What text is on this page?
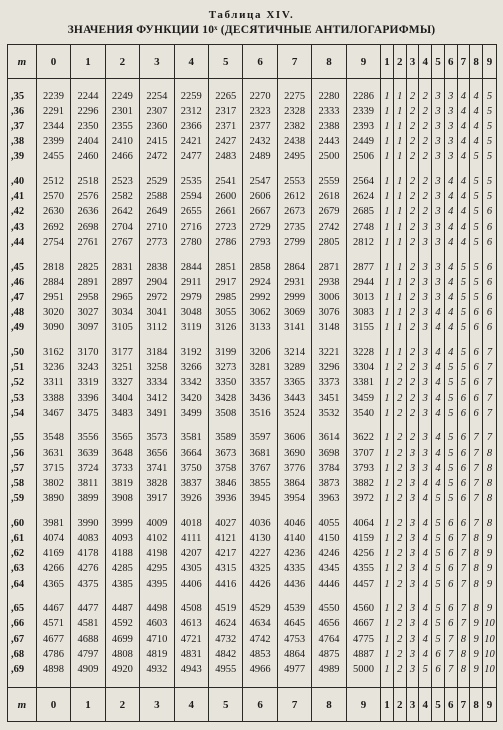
Таблица XIV.
ЗНАЧЕНИЯ ФУНКЦИИ 10ˣ (ДЕСЯТИЧНЫЕ АНТИЛОГАРИФМЫ)
m	0	1	2	3	4	5	6	7	8	9	1	2	3	4	5	6	7	8	9

,35	2239	2244	2249	2254	2259	2265	2270	2275	2280	2286	1	1	2	2	3	3	4	4	5
,36	2291	2296	2301	2307	2312	2317	2323	2328	2333	2339	1	1	2	2	3	3	4	4	5
,37	2344	2350	2355	2360	2366	2371	2377	2382	2388	2393	1	1	2	2	3	3	4	4	5
,38	2399	2404	2410	2415	2421	2427	2432	2438	2443	2449	1	1	2	2	3	3	4	4	5
,39	2455	2460	2466	2472	2477	2483	2489	2495	2500	2506	1	1	2	2	3	3	4	5	5

,40	2512	2518	2523	2529	2535	2541	2547	2553	2559	2564	1	1	2	2	3	4	4	5	5
,41	2570	2576	2582	2588	2594	2600	2606	2612	2618	2624	1	1	2	2	3	4	4	5	5
,42	2630	2636	2642	2649	2655	2661	2667	2673	2679	2685	1	1	2	2	3	4	4	5	6
,43	2692	2698	2704	2710	2716	2723	2729	2735	2742	2748	1	1	2	3	3	4	4	5	6
,44	2754	2761	2767	2773	2780	2786	2793	2799	2805	2812	1	1	2	3	3	4	4	5	6

,45	2818	2825	2831	2838	2844	2851	2858	2864	2871	2877	1	1	2	3	3	4	5	5	6
,46	2884	2891	2897	2904	2911	2917	2924	2931	2938	2944	1	1	2	3	3	4	5	5	6
,47	2951	2958	2965	2972	2979	2985	2992	2999	3006	3013	1	1	2	3	3	4	5	5	6
,48	3020	3027	3034	3041	3048	3055	3062	3069	3076	3083	1	1	2	3	4	4	5	6	6
,49	3090	3097	3105	3112	3119	3126	3133	3141	3148	3155	1	1	2	3	4	4	5	6	6

,50	3162	3170	3177	3184	3192	3199	3206	3214	3221	3228	1	1	2	3	4	4	5	6	7
,51	3236	3243	3251	3258	3266	3273	3281	3289	3296	3304	1	2	2	3	4	5	5	6	7
,52	3311	3319	3327	3334	3342	3350	3357	3365	3373	3381	1	2	2	3	4	5	5	6	7
,53	3388	3396	3404	3412	3420	3428	3436	3443	3451	3459	1	2	2	3	4	5	6	6	7
,54	3467	3475	3483	3491	3499	3508	3516	3524	3532	3540	1	2	2	3	4	5	6	6	7

,55	3548	3556	3565	3573	3581	3589	3597	3606	3614	3622	1	2	2	3	4	5	6	7	7
,56	3631	3639	3648	3656	3664	3673	3681	3690	3698	3707	1	2	3	3	4	5	6	7	8
,57	3715	3724	3733	3741	3750	3758	3767	3776	3784	3793	1	2	3	3	4	5	6	7	8
,58	3802	3811	3819	3828	3837	3846	3855	3864	3873	3882	1	2	3	4	4	5	6	7	8
,59	3890	3899	3908	3917	3926	3936	3945	3954	3963	3972	1	2	3	4	5	5	6	7	8

,60	3981	3990	3999	4009	4018	4027	4036	4046	4055	4064	1	2	3	4	5	6	6	7	8
,61	4074	4083	4093	4102	4111	4121	4130	4140	4150	4159	1	2	3	4	5	6	7	8	9
,62	4169	4178	4188	4198	4207	4217	4227	4236	4246	4256	1	2	3	4	5	6	7	8	9
,63	4266	4276	4285	4295	4305	4315	4325	4335	4345	4355	1	2	3	4	5	6	7	8	9
,64	4365	4375	4385	4395	4406	4416	4426	4436	4446	4457	1	2	3	4	5	6	7	8	9

,65	4467	4477	4487	4498	4508	4519	4529	4539	4550	4560	1	2	3	4	5	6	7	8	9
,66	4571	4581	4592	4603	4613	4624	4634	4645	4656	4667	1	2	3	4	5	6	7	9	10
,67	4677	4688	4699	4710	4721	4732	4742	4753	4764	4775	1	2	3	4	5	7	8	9	10
,68	4786	4797	4808	4819	4831	4842	4853	4864	4875	4887	1	2	3	4	6	7	8	9	10
,69	4898	4909	4920	4932	4943	4955	4966	4977	4989	5000	1	2	3	5	6	7	8	9	10

m	0	1	2	3	4	5	6	7	8	9	1	2	3	4	5	6	7	8	9
